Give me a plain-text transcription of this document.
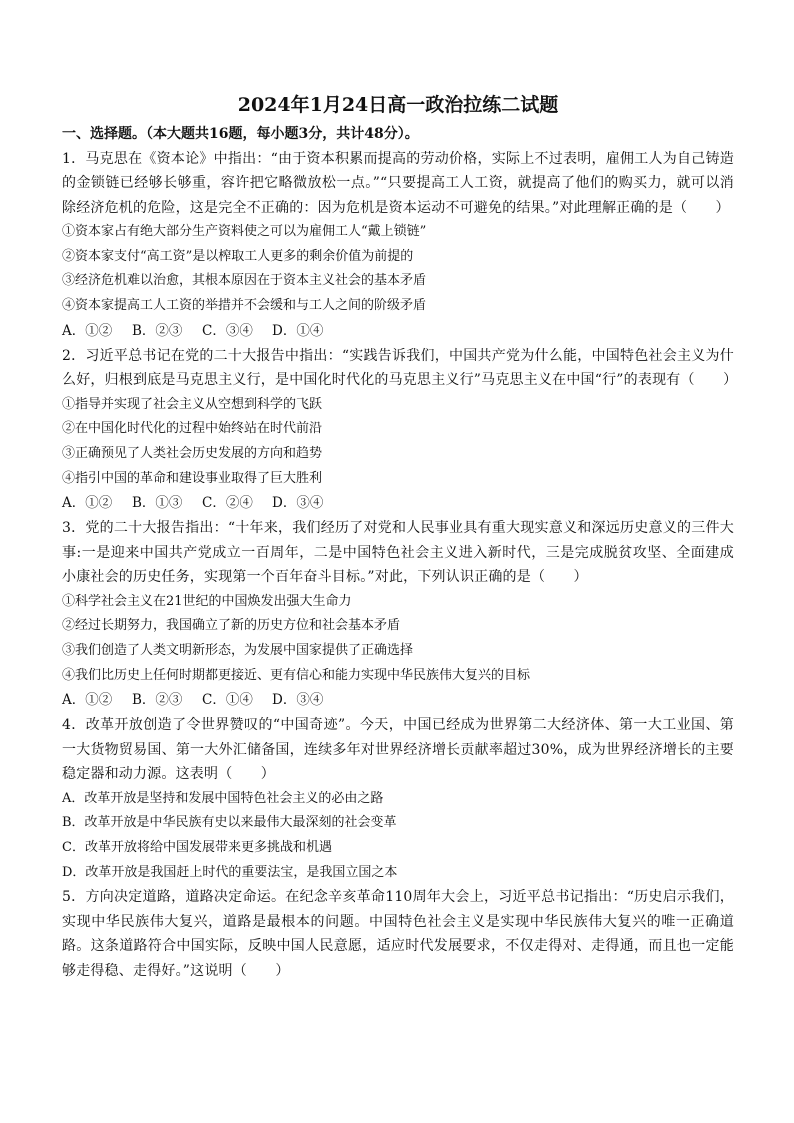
2024年1月24日高一政治拉练二试题

一、选择题。（本大题共16题，每小题3分，共计48分）。

1．马克思在《资本论》中指出：“由于资本积累而提高的劳动价格，实际上不过表明，雇佣工人为自己铸造的金锁链已经够长够重，容许把它略微放松一点。”“只要提高工人工资，就提高了他们的购买力，就可以消除经济危机的危险，这是完全不正确的：因为危机是资本运动不可避免的结果。”对此理解正确的是（　　）

①资本家占有绝大部分生产资料使之可以为雇佣工人“戴上锁链”

②资本家支付“高工资”是以榨取工人更多的剩余价值为前提的

③经济危机难以治愈，其根本原因在于资本主义社会的基本矛盾

④资本家提高工人工资的举措并不会缓和与工人之间的阶级矛盾

A．①② B．②③ C．③④ D．①④

2．习近平总书记在党的二十大报告中指出：“实践告诉我们，中国共产党为什么能，中国特色社会主义为什么好，归根到底是马克思主义行，是中国化时代化的马克思主义行”马克思主义在中国“行”的表现有（　　）

①指导并实现了社会主义从空想到科学的飞跃

②在中国化时代化的过程中始终站在时代前沿

③正确预见了人类社会历史发展的方向和趋势

④指引中国的革命和建设事业取得了巨大胜利

A．①② B．①③ C．②④ D．③④

3．党的二十大报告指出：“十年来，我们经历了对党和人民事业具有重大现实意义和深远历史意义的三件大事:一是迎来中国共产党成立一百周年，二是中国特色社会主义进入新时代，三是完成脱贫攻坚、全面建成小康社会的历史任务，实现第一个百年奋斗目标。”对此，下列认识正确的是（　　）

①科学社会主义在21世纪的中国焕发出强大生命力

②经过长期努力，我国确立了新的历史方位和社会基本矛盾

③我们创造了人类文明新形态，为发展中国家提供了正确选择

④我们比历史上任何时期都更接近、更有信心和能力实现中华民族伟大复兴的目标

A．①② B．②③ C．①④ D．③④

4．改革开放创造了令世界赞叹的“中国奇迹”。今天，中国已经成为世界第二大经济体、第一大工业国、第一大货物贸易国、第一大外汇储备国，连续多年对世界经济增长贡献率超过30%，成为世界经济增长的主要稳定器和动力源。这表明（　　）

A．改革开放是坚持和发展中国特色社会主义的必由之路

B．改革开放是中华民族有史以来最伟大最深刻的社会变革

C．改革开放将给中国发展带来更多挑战和机遇

D．改革开放是我国赶上时代的重要法宝，是我国立国之本

5．方向决定道路，道路决定命运。在纪念辛亥革命110周年大会上，习近平总书记指出：“历史启示我们，实现中华民族伟大复兴，道路是最根本的问题。中国特色社会主义是实现中华民族伟大复兴的唯一正确道路。这条道路符合中国实际，反映中国人民意愿，适应时代发展要求，不仅走得对、走得通，而且也一定能够走得稳、走得好。”这说明（　　）
